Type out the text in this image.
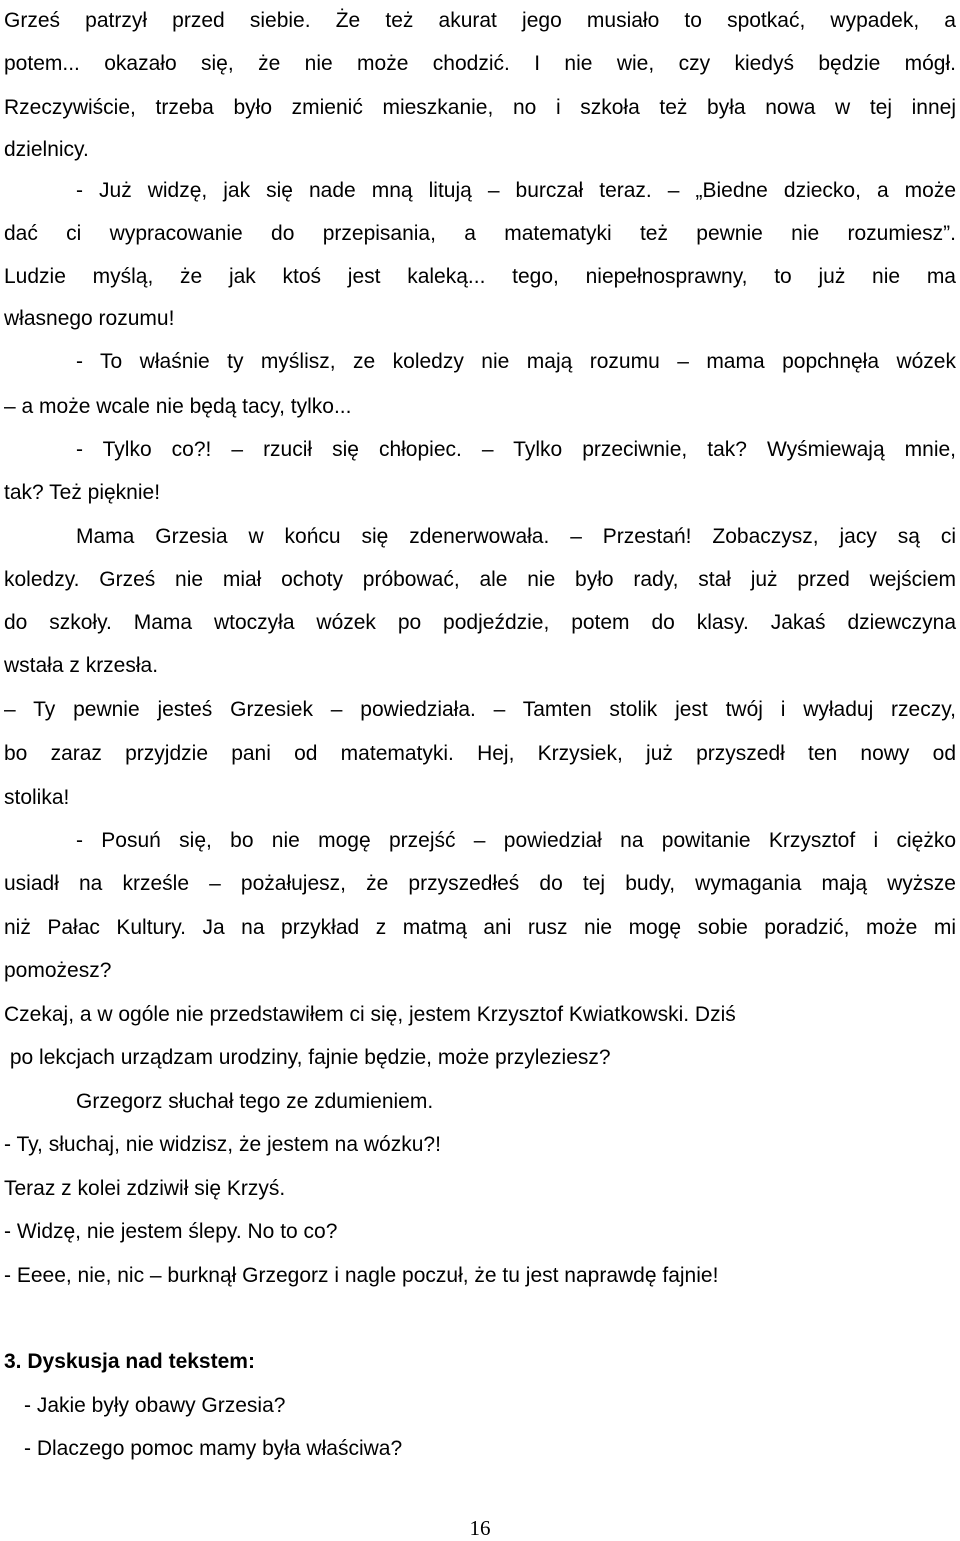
Grześ patrzył przed siebie. Że też akurat jego musiało to spotkać, wypadek, a
potem... okazało się, że nie może chodzić. I nie wie, czy kiedyś będzie mógł.
Rzeczywiście, trzeba było zmienić mieszkanie, no i szkoła też była nowa w tej innej
dzielnicy.
- Już widzę, jak się nade mną litują – burczał teraz. – „Biedne dziecko, a może
dać ci wypracowanie do przepisania, a matematyki też pewnie nie rozumiesz”.
Ludzie myślą, że jak ktoś jest kaleką... tego, niepełnosprawny, to już nie ma
własnego rozumu!
- To właśnie ty myślisz, ze koledzy nie mają rozumu – mama popchnęła wózek
– a może wcale nie będą tacy, tylko...
- Tylko co?! – rzucił się chłopiec. – Tylko przeciwnie, tak? Wyśmiewają mnie,
tak? Też pięknie!
Mama Grzesia w końcu się zdenerwowała. – Przestań! Zobaczysz, jacy są ci
koledzy. Grześ nie miał ochoty próbować, ale nie było rady, stał już przed wejściem
do szkoły. Mama wtoczyła wózek po podjeździe, potem do klasy. Jakaś dziewczyna
wstała z krzesła.
– Ty pewnie jesteś Grzesiek – powiedziała. – Tamten stolik jest twój i wyładuj rzeczy,
bo zaraz przyjdzie pani od matematyki. Hej, Krzysiek, już przyszedł ten nowy od
stolika!
- Posuń się, bo nie mogę przejść – powiedział na powitanie Krzysztof i ciężko
usiadł na krześle – pożałujesz, że przyszedłeś do tej budy, wymagania mają wyższe
niż Pałac Kultury. Ja na przykład z matmą ani rusz nie mogę sobie poradzić, może mi
pomożesz?
Czekaj, a w ogóle nie przedstawiłem ci się, jestem Krzysztof Kwiatkowski. Dziś
po lekcjach urządzam urodziny, fajnie będzie, może przyleziesz?
Grzegorz słuchał tego ze zdumieniem.
- Ty, słuchaj, nie widzisz, że jestem na wózku?!
Teraz z kolei zdziwił się Krzyś.
- Widzę, nie jestem ślepy. No to co?
- Eeee, nie, nic – burknął Grzegorz i nagle poczuł, że tu jest naprawdę fajnie!
3. Dyskusja nad tekstem:
- Jakie były obawy Grzesia?
- Dlaczego pomoc mamy była właściwa?
16
